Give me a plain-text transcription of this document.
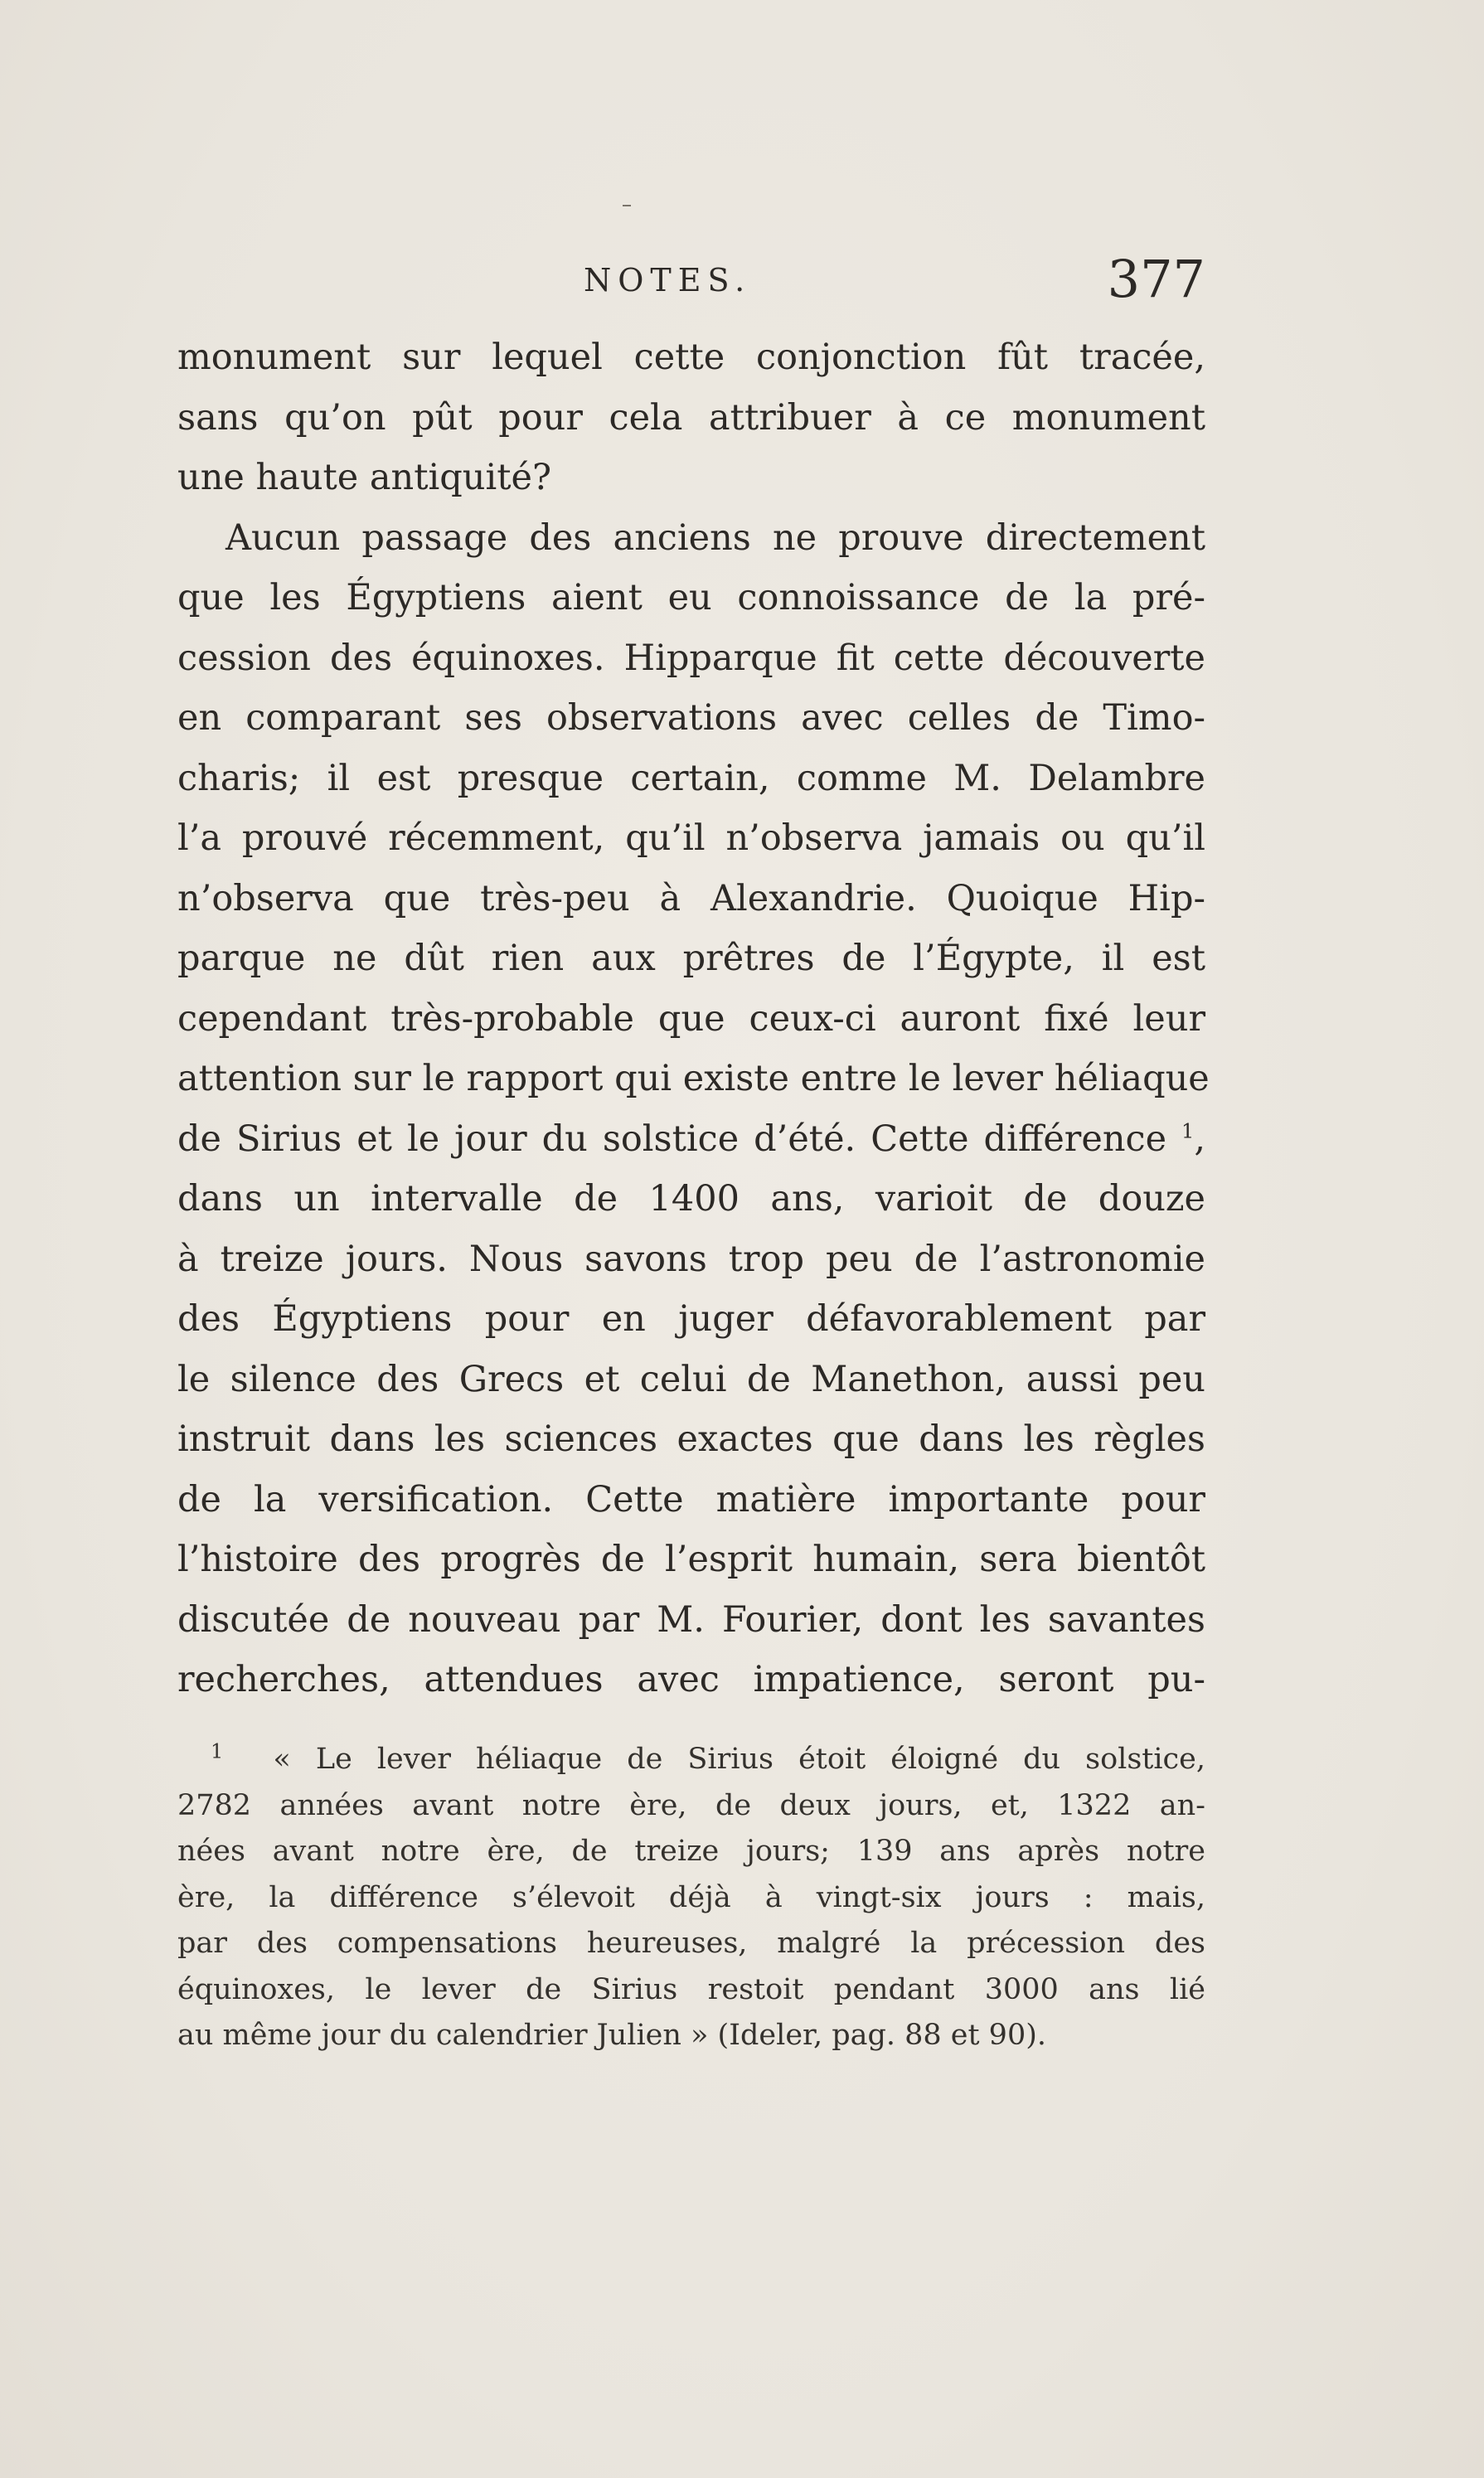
NOTES.	377
monument sur lequel cette conjonction fût tracée,
sans qu’on pût pour cela attribuer à ce monument
une haute antiquité?
Aucun passage des anciens ne prouve directement
que les Égyptiens aient eu connoissance de la pré-
cession des équinoxes. Hipparque fit cette découverte
en comparant ses observations avec celles de Timo-
charis; il est presque certain, comme M. Delambre
l’a prouvé récemment, qu’il n’observa jamais ou qu’il
n’observa que très-peu à Alexandrie. Quoique Hip-
parque ne dût rien aux prêtres de l’Égypte, il est
cependant très-probable que ceux-ci auront fixé leur
attention sur le rapport qui existe entre le lever héliaque
de Sirius et le jour du solstice d’été. Cette différence $^1$,
dans un intervalle de 1400 ans, varioit de douze
à treize jours. Nous savons trop peu de l’astronomie
des Égyptiens pour en juger défavorablement par
le silence des Grecs et celui de Manethon, aussi peu
instruit dans les sciences exactes que dans les règles
de la versification. Cette matière importante pour
l’histoire des progrès de l’esprit humain, sera bientôt
discutée de nouveau par M. Fourier, dont les savantes
recherches, attendues avec impatience, seront pu-
$^1$ « Le lever héliaque de Sirius étoit éloigné du solstice,
2782 années avant notre ère, de deux jours, et, 1322 an-
nées avant notre ère, de treize jours; 139 ans après notre
ère, la différence s’élevoit déjà à vingt-six jours : mais,
par des compensations heureuses, malgré la précession des
équinoxes, le lever de Sirius restoit pendant 3000 ans lié
au même jour du calendrier Julien » (Ideler, pag. 88 et 90).
